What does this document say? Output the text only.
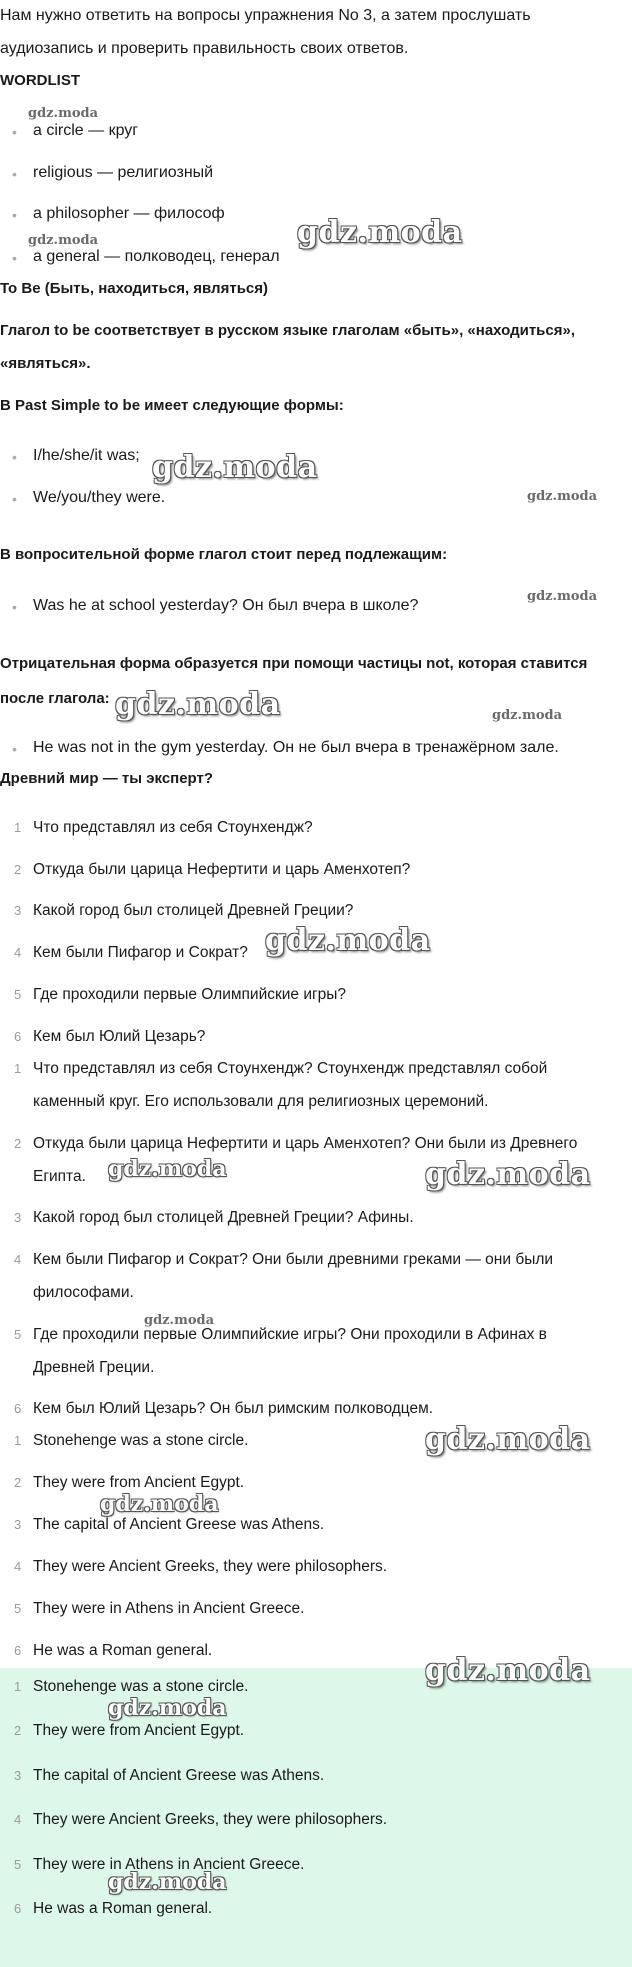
Нам нужно ответить на вопросы упражнения No 3, а затем прослушать
аудиозапись и проверить правильность своих ответов.
WORDLIST
• a circle — круг
• religious — религиозный
• a philosopher — философ
• a general — полководец, генерал
To Be (Быть, находиться, являться)
Глагол to be соответствует в русском языке глаголам «быть», «находиться»,
«являться».
В Past Simple to be имеет следующие формы:
• I/he/she/it was;
• We/you/they were.
В вопросительной форме глагол стоит перед подлежащим:
• Was he at school yesterday? Он был вчера в школе?
Отрицательная форма образуется при помощи частицы not, которая ставится
после глагола:
• He was not in the gym yesterday. Он не был вчера в тренажёрном зале.
Древний мир — ты эксперт?
1 Что представлял из себя Стоунхендж?
2 Откуда были царица Нефертити и царь Аменхотеп?
3 Какой город был столицей Древней Греции?
4 Кем были Пифагор и Сократ?
5 Где проходили первые Олимпийские игры?
6 Кем был Юлий Цезарь?
1 Что представлял из себя Стоунхендж? Стоунхендж представлял собой
каменный круг. Его использовали для религиозных церемоний.
2 Откуда были царица Нефертити и царь Аменхотеп? Они были из Древнего
Египта.
3 Какой город был столицей Древней Греции? Афины.
4 Кем были Пифагор и Сократ? Они были древними греками — они были
философами.
5 Где проходили первые Олимпийские игры? Они проходили в Афинах в
Древней Греции.
6 Кем был Юлий Цезарь? Он был римским полководцем.
1 Stonehenge was a stone circle.
2 They were from Ancient Egypt.
3 The capital of Ancient Greese was Athens.
4 They were Ancient Greeks, they were philosophers.
5 They were in Athens in Ancient Greece.
6 He was a Roman general.
1 Stonehenge was a stone circle.
2 They were from Ancient Egypt.
3 The capital of Ancient Greese was Athens.
4 They were Ancient Greeks, they were philosophers.
5 They were in Athens in Ancient Greece.
6 He was a Roman general.
gdz.moda
gdz.moda	gdz.moda
gdz.moda
gdz.moda
gdz.moda
gdz.moda	gdz.moda
gdz.moda
gdz.moda	gdz.moda
gdz.moda
gdz.moda
gdz.moda
gdz.moda
gdz.moda
gdz.moda
